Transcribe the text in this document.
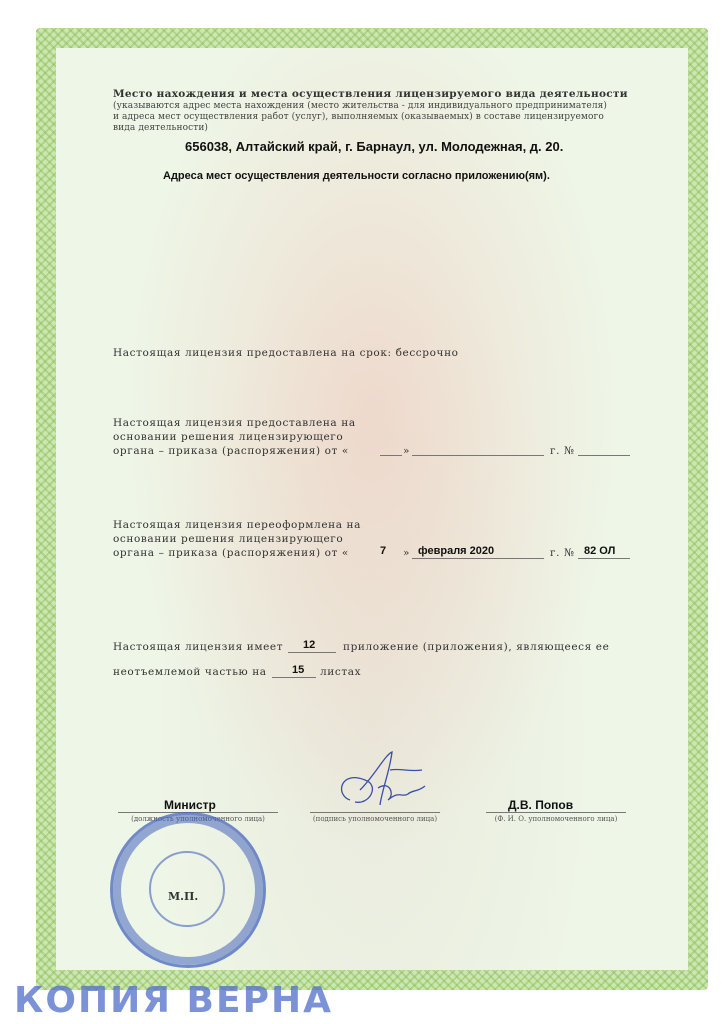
Место нахождения и места осуществления лицензируемого вида деятельности
(указываются адрес места нахождения (место жительства - для индивидуального предпринимателя)
и адреса мест осуществления работ (услуг), выполняемых (оказываемых) в составе лицензируемого
вида деятельности)
656038, Алтайский край, г. Барнаул, ул. Молодежная, д. 20.
Адреса мест осуществления деятельности согласно приложению(ям).
Настоящая лицензия предоставлена на срок: бессрочно
Настоящая лицензия предоставлена на
основании решения лицензирующего
органа – приказа (распоряжения) от «	»	г. №
Настоящая лицензия переоформлена на
основании решения лицензирующего
органа – приказа (распоряжения) от «	7 » февраля 2020	г. № 82 ОЛ
Настоящая лицензия имеет 12	приложение (приложения), являющееся ее
неотъемлемой частью на 15 листах
Министр
(должность уполномоченного лица)	(подпись уполномоченного лица)
Д.В. Попов
(Ф. И. О. уполномоченного лица)
М.П.
КОПИЯ ВЕРНА
